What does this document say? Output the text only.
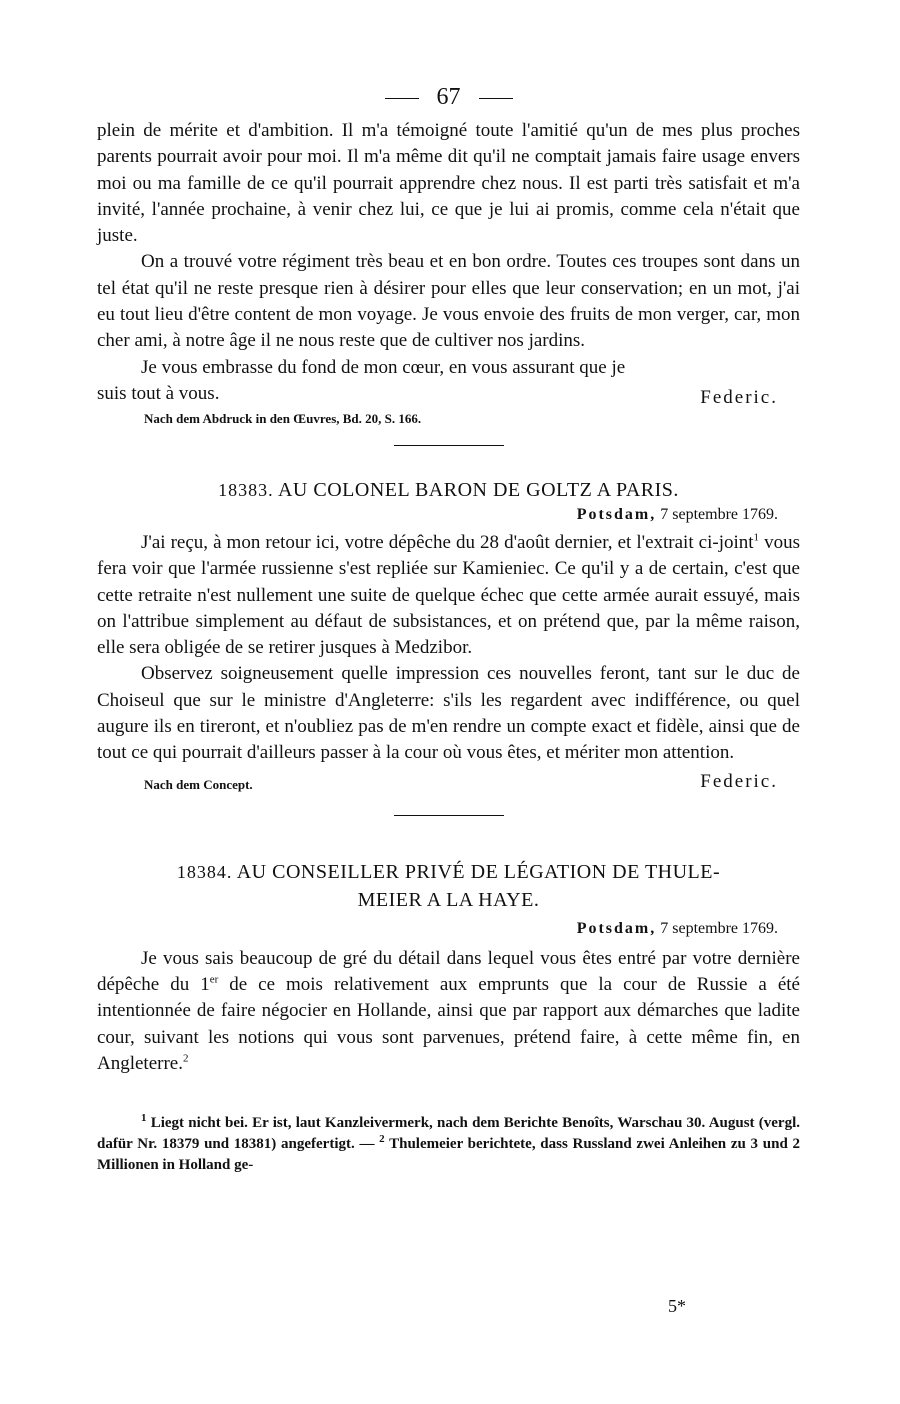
67

plein de mérite et d'ambition. Il m'a témoigné toute l'amitié qu'un de mes plus proches parents pourrait avoir pour moi. Il m'a même dit qu'il ne comptait jamais faire usage envers moi ou ma famille de ce qu'il pourrait apprendre chez nous. Il est parti très satisfait et m'a invité, l'année prochaine, à venir chez lui, ce que je lui ai promis, comme cela n'était que juste.

On a trouvé votre régiment très beau et en bon ordre. Toutes ces troupes sont dans un tel état qu'il ne reste presque rien à désirer pour elles que leur conservation; en un mot, j'ai eu tout lieu d'être content de mon voyage. Je vous envoie des fruits de mon verger, car, mon cher ami, à notre âge il ne nous reste que de cultiver nos jardins.

Je vous embrasse du fond de mon cœur, en vous assurant que je

suis tout à vous.	Federic.
Nach dem Abdruck in den Œuvres, Bd. 20, S. 166.
18383. AU COLONEL BARON DE GOLTZ A PARIS.
Potsdam, 7 septembre 1769.

J'ai reçu, à mon retour ici, votre dépêche du 28 d'août dernier, et l'extrait ci-joint$^1$ vous fera voir que l'armée russienne s'est repliée sur Kamieniec. Ce qu'il y a de certain, c'est que cette retraite n'est nullement une suite de quelque échec que cette armée aurait essuyé, mais on l'attribue simplement au défaut de subsistances, et on prétend que, par la même raison, elle sera obligée de se retirer jusques à Medzibor.

Observez soigneusement quelle impression ces nouvelles feront, tant sur le duc de Choiseul que sur le ministre d'Angleterre: s'ils les regardent avec indifférence, ou quel augure ils en tireront, et n'oubliez pas de m'en rendre un compte exact et fidèle, ainsi que de tout ce qui pourrait d'ailleurs passer à la cour où vous êtes, et mériter mon attention.

Nach dem Concept.	Federic.
18384. AU CONSEILLER PRIVÉ DE LÉGATION DE THULE-
MEIER A LA HAYE.
Potsdam, 7 septembre 1769.

Je vous sais beaucoup de gré du détail dans lequel vous êtes entré par votre dernière dépêche du 1er de ce mois relativement aux emprunts que la cour de Russie a été intentionnée de faire négocier en Hollande, ainsi que par rapport aux démarches que ladite cour, suivant les notions qui vous sont parvenues, prétend faire, à cette même fin, en Angleterre.$^2$

$^1$ Liegt nicht bei. Er ist, laut Kanzleivermerk, nach dem Berichte Benoîts, Warschau 30. August (vergl. dafür Nr. 18379 und 18381) angefertigt. — $^2$ Thulemeier berichtete, dass Russland zwei Anleihen zu 3 und 2 Millionen in Holland ge-

5*
